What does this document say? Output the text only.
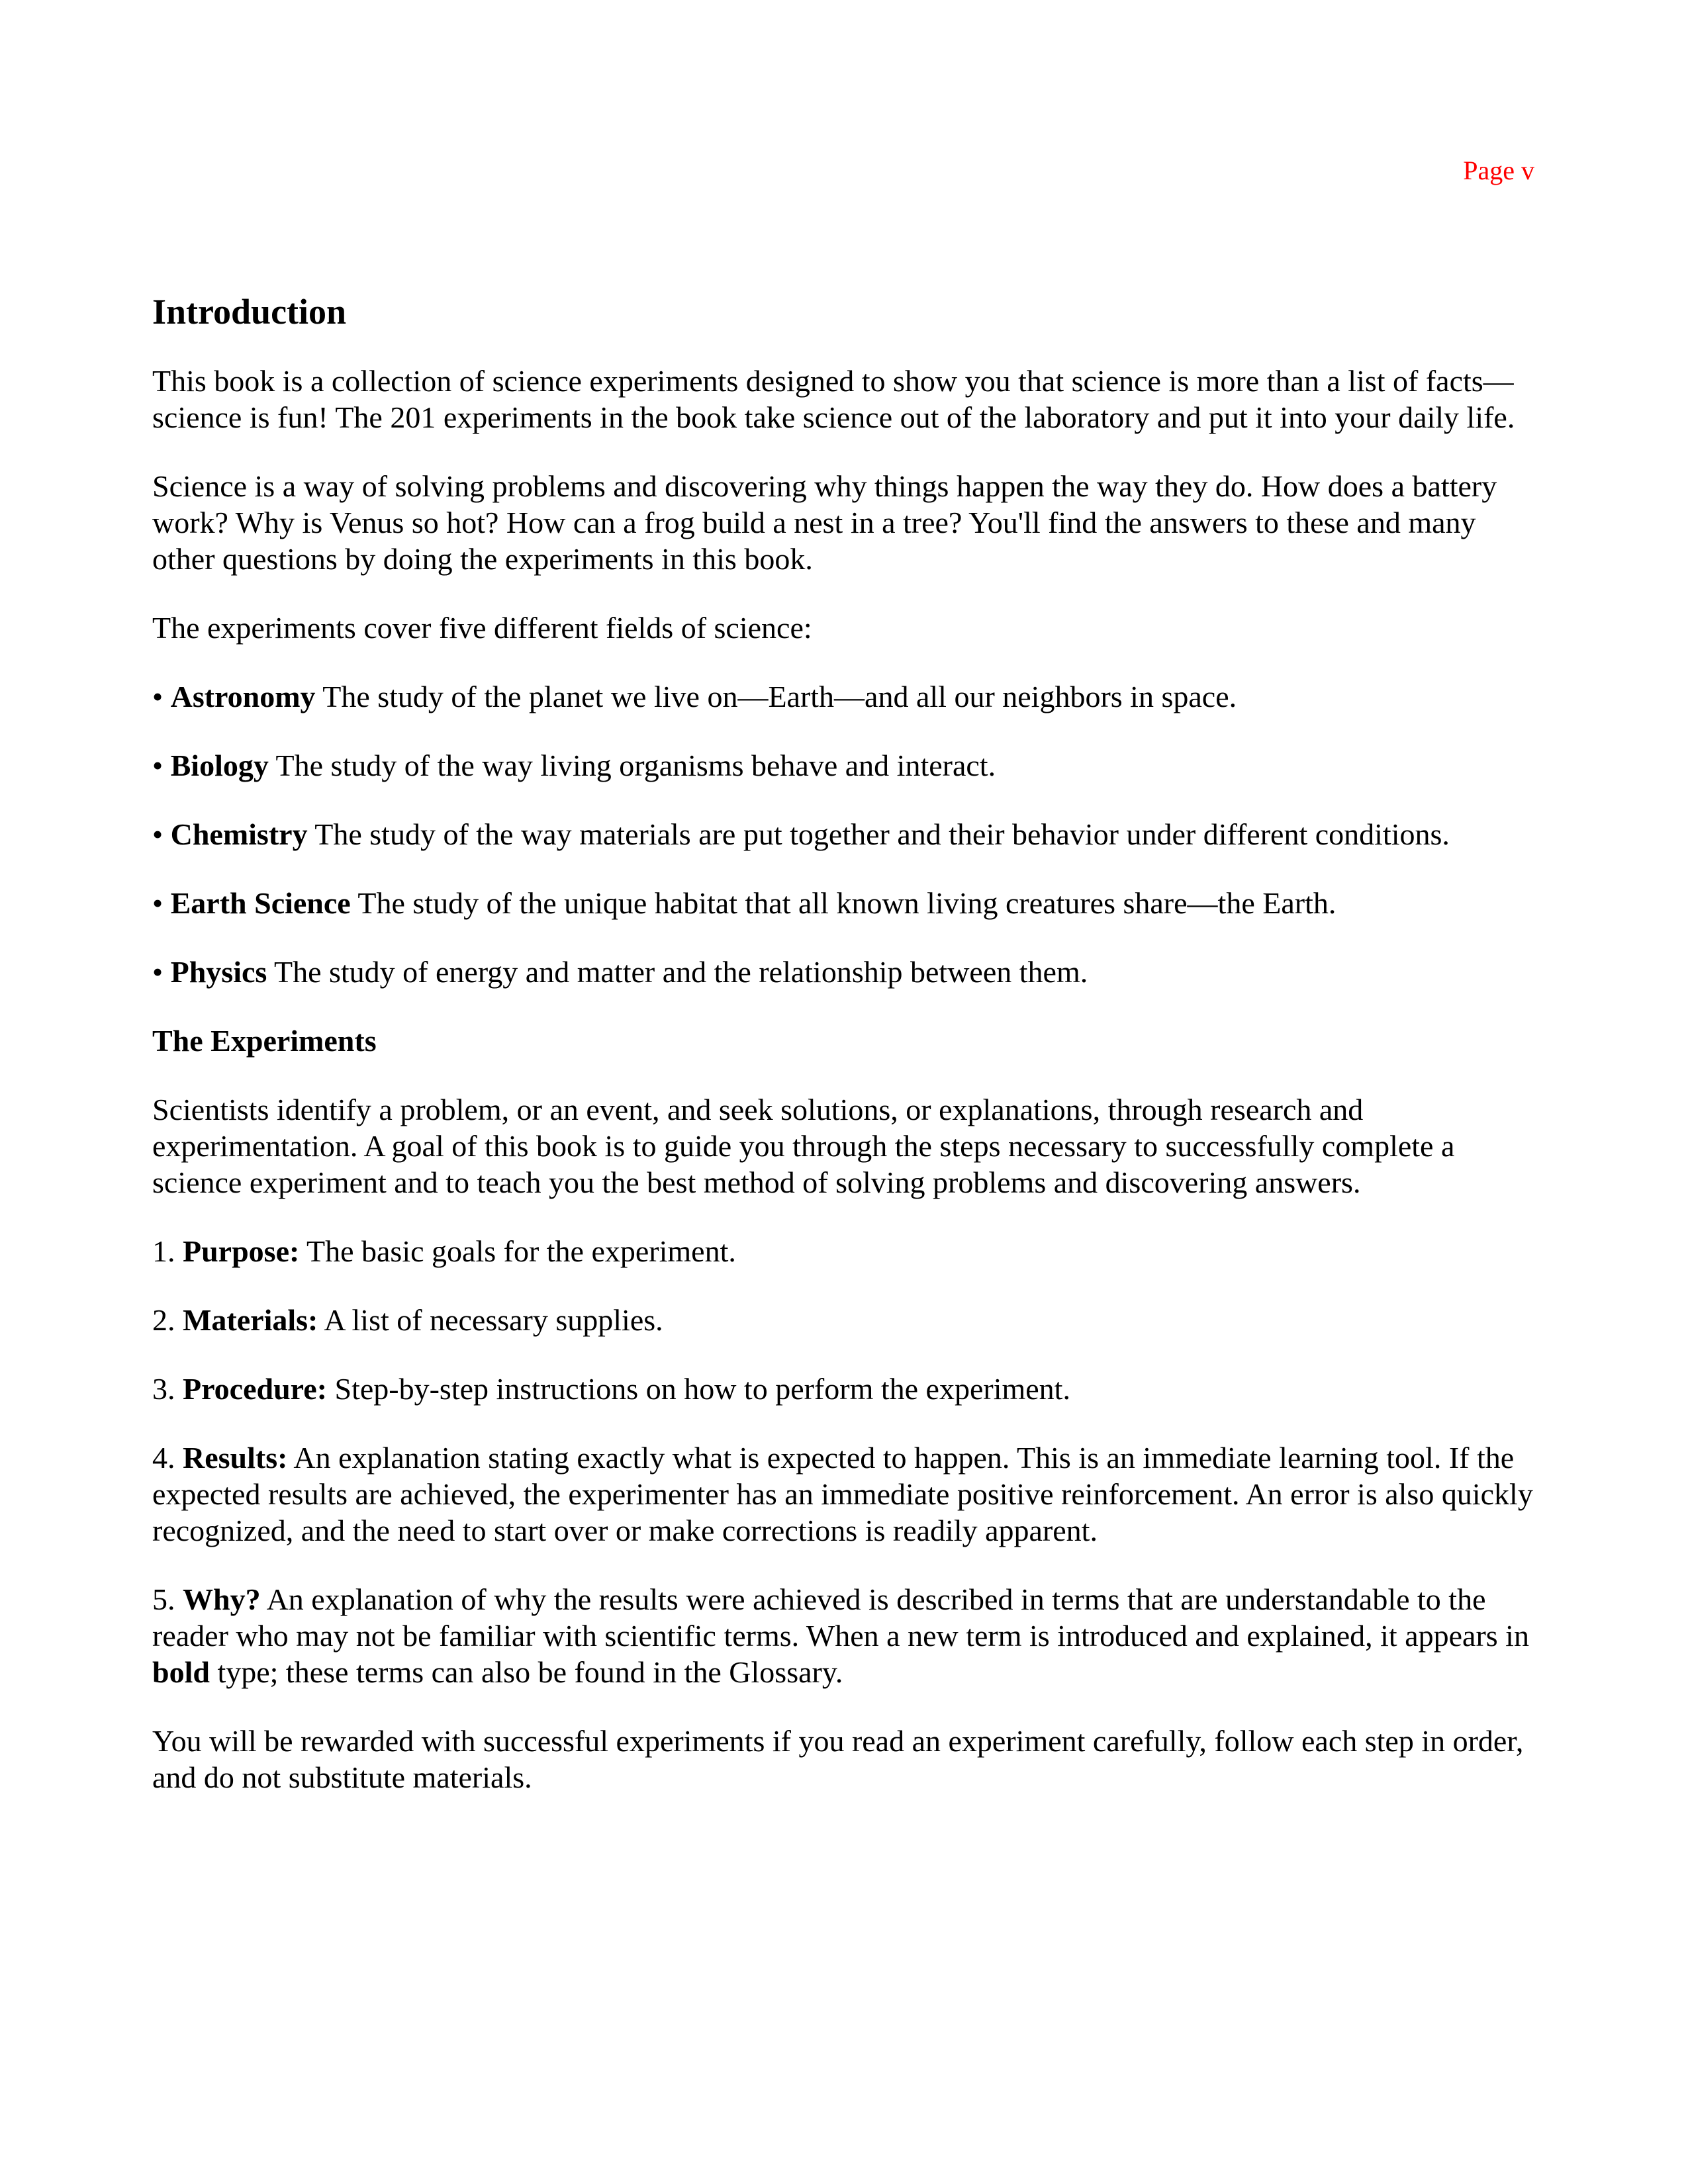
Page v
Introduction

This book is a collection of science experiments designed to show you that science is more than a list of facts—science is fun! The 201 experiments in the book take science out of the laboratory and put it into your daily life.

Science is a way of solving problems and discovering why things happen the way they do. How does a battery work? Why is Venus so hot? How can a frog build a nest in a tree? You'll find the answers to these and many other questions by doing the experiments in this book.

The experiments cover five different fields of science:

• Astronomy The study of the planet we live on—Earth—and all our neighbors in space.

• Biology The study of the way living organisms behave and interact.

• Chemistry The study of the way materials are put together and their behavior under different conditions.

• Earth Science The study of the unique habitat that all known living creatures share—the Earth.

• Physics The study of energy and matter and the relationship between them.

The Experiments

Scientists identify a problem, or an event, and seek solutions, or explanations, through research and experimentation. A goal of this book is to guide you through the steps necessary to successfully complete a science experiment and to teach you the best method of solving problems and discovering answers.

1. Purpose: The basic goals for the experiment.

2. Materials: A list of necessary supplies.

3. Procedure: Step-by-step instructions on how to perform the experiment.

4. Results: An explanation stating exactly what is expected to happen. This is an immediate learning tool. If the expected results are achieved, the experimenter has an immediate positive reinforcement. An error is also quickly recognized, and the need to start over or make corrections is readily apparent.

5. Why? An explanation of why the results were achieved is described in terms that are understandable to the reader who may not be familiar with scientific terms. When a new term is introduced and explained, it appears in bold type; these terms can also be found in the Glossary.

You will be rewarded with successful experiments if you read an experiment carefully, follow each step in order, and do not substitute materials.
